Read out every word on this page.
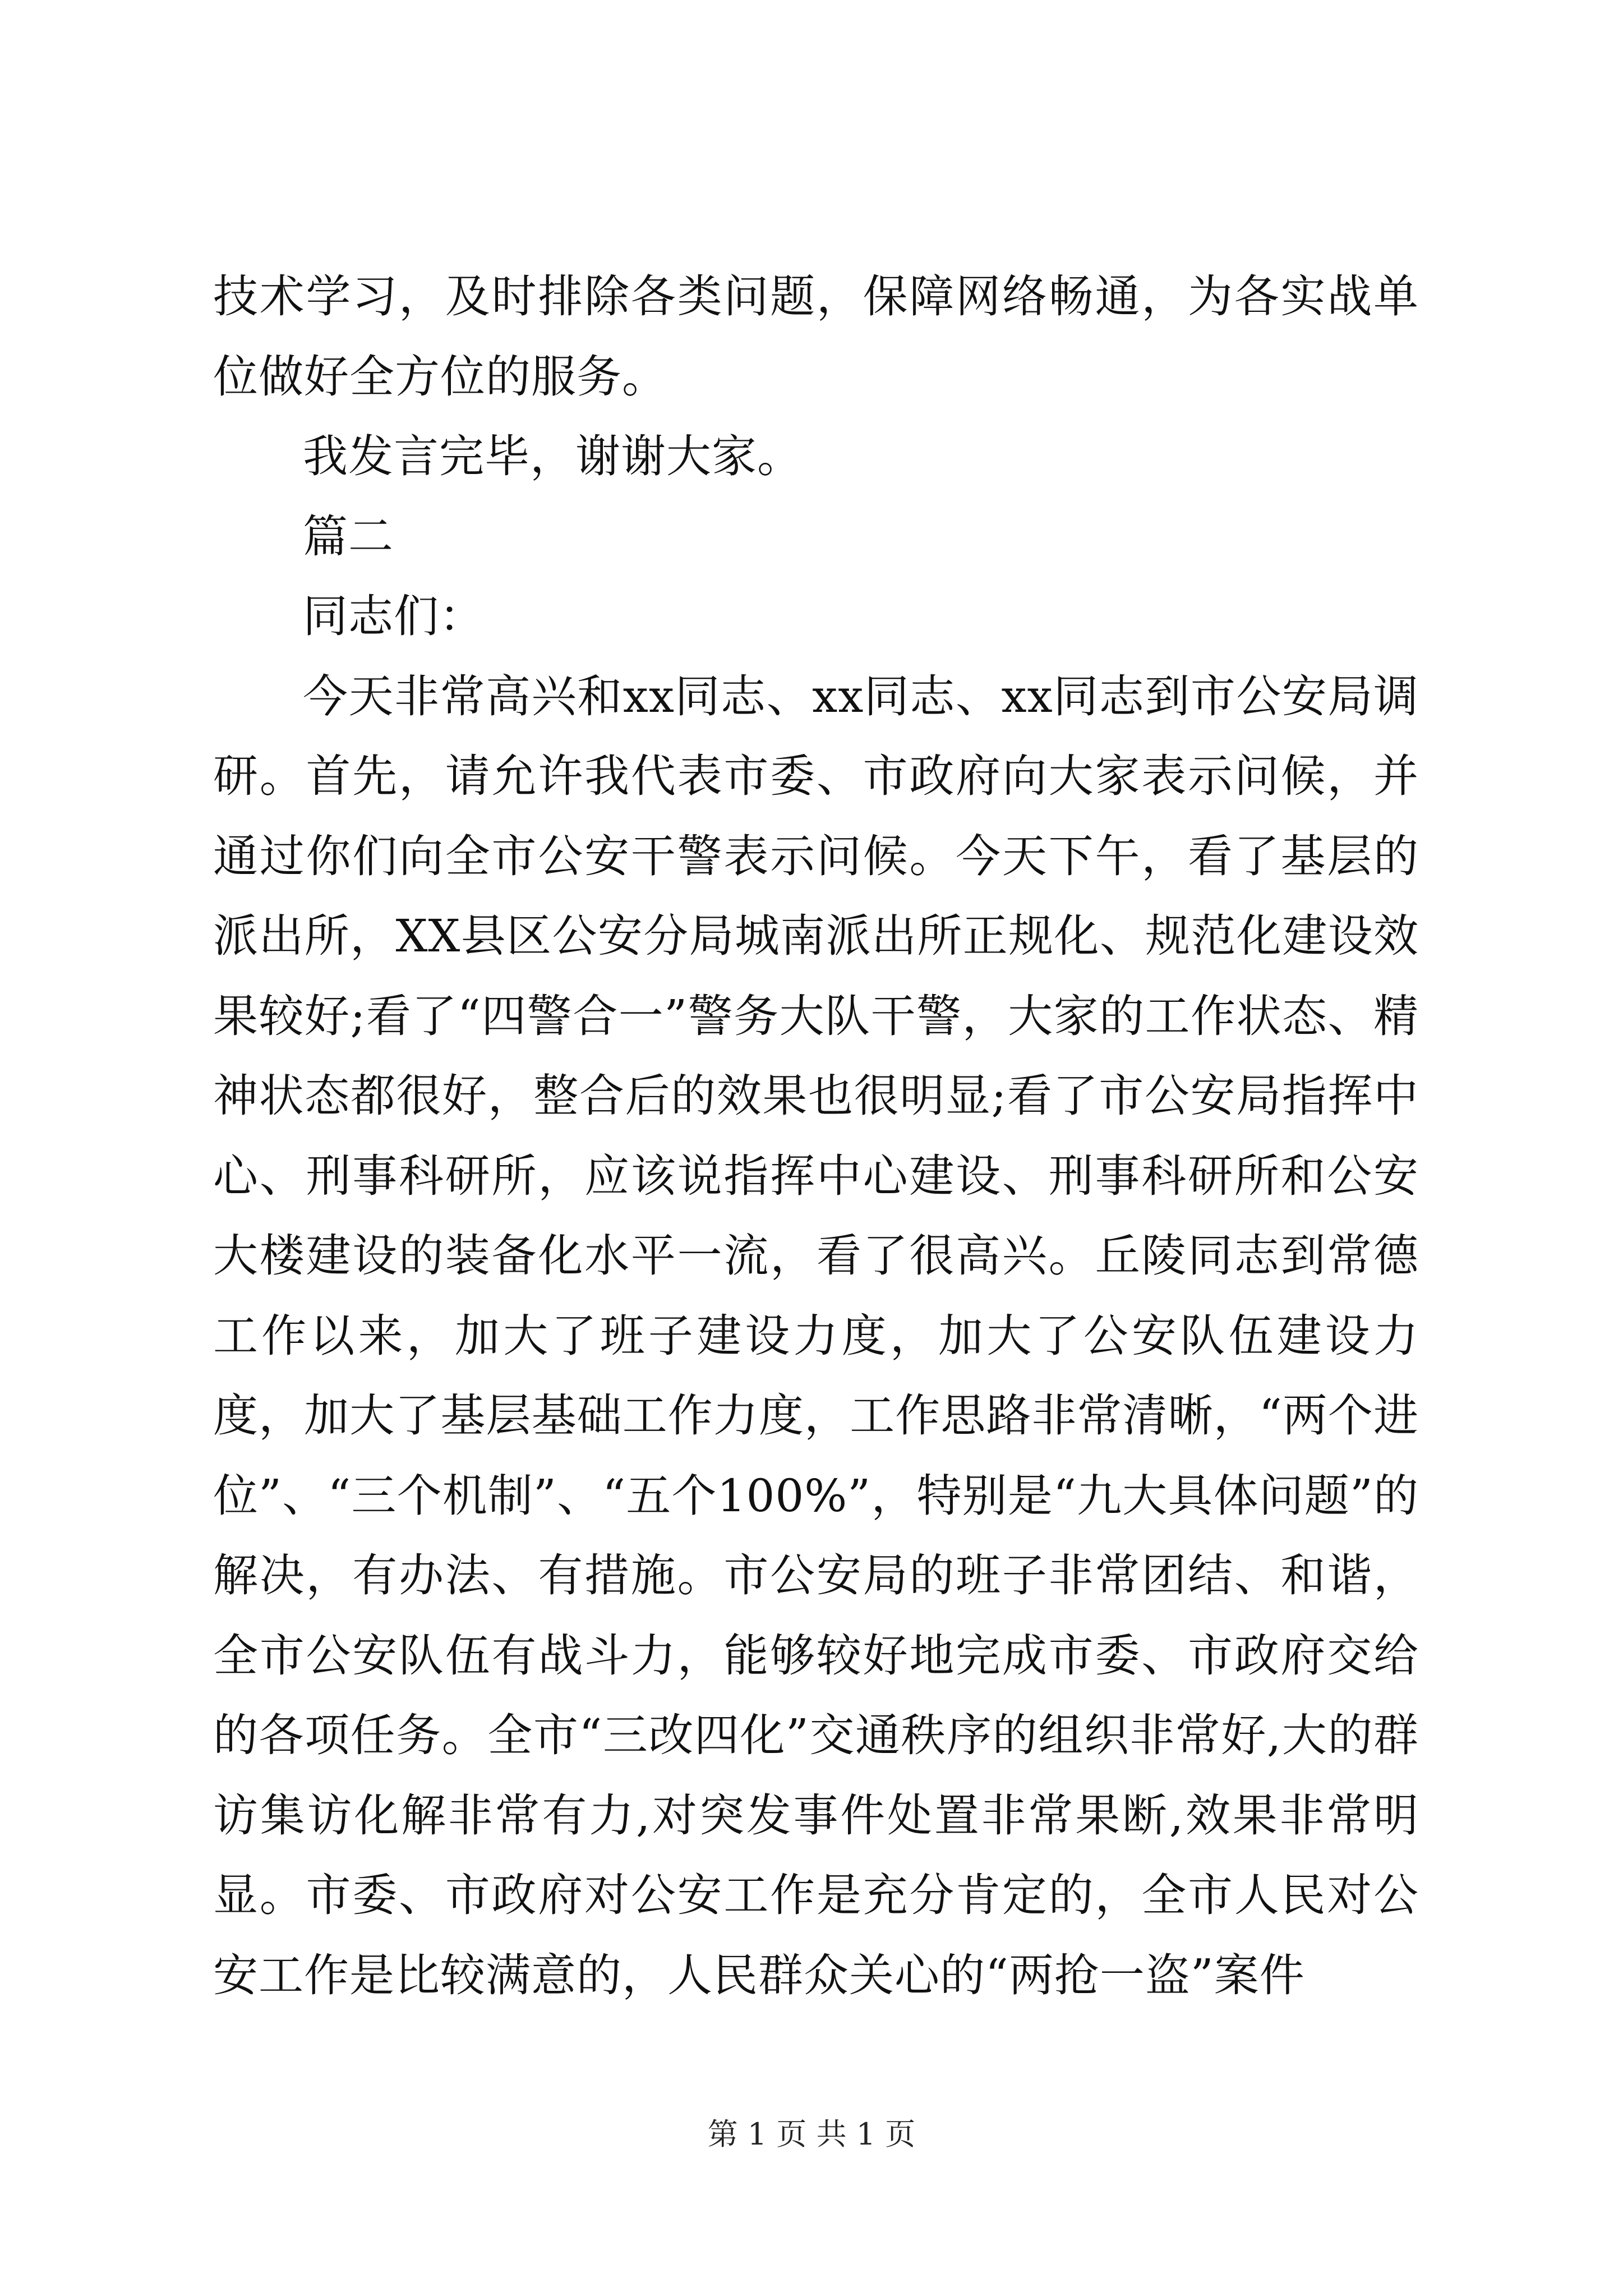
技术学习，及时排除各类问题，保障网络畅通，为各实战单位做好全方位的服务。

我发言完毕，谢谢大家。

篇二

同志们：

今天非常高兴和xx同志、xx同志、xx同志到市公安局调研。首先，请允许我代表市委、市政府向大家表示问候，并通过你们向全市公安干警表示问候。今天下午，看了基层的派出所，XX县区公安分局城南派出所正规化、规范化建设效果较好;看了“四警合一”警务大队干警，大家的工作状态、精神状态都很好，整合后的效果也很明显;看了市公安局指挥中心、刑事科研所，应该说指挥中心建设、刑事科研所和公安大楼建设的装备化水平一流，看了很高兴。丘陵同志到常德工作以来，加大了班子建设力度，加大了公安队伍建设力度，加大了基层基础工作力度，工作思路非常清晰，“两个进位”、“三个机制”、“五个100%”，特别是“九大具体问题”的解决，有办法、有措施。市公安局的班子非常团结、和谐，全市公安队伍有战斗力，能够较好地完成市委、市政府交给的各项任务。全市“三改四化”交通秩序的组织非常好,大的群访集访化解非常有力,对突发事件处置非常果断,效果非常明显。市委、市政府对公安工作是充分肯定的，全市人民对公安工作是比较满意的，人民群众关心的“两抢一盗”案件

第 1 页 共 1 页
